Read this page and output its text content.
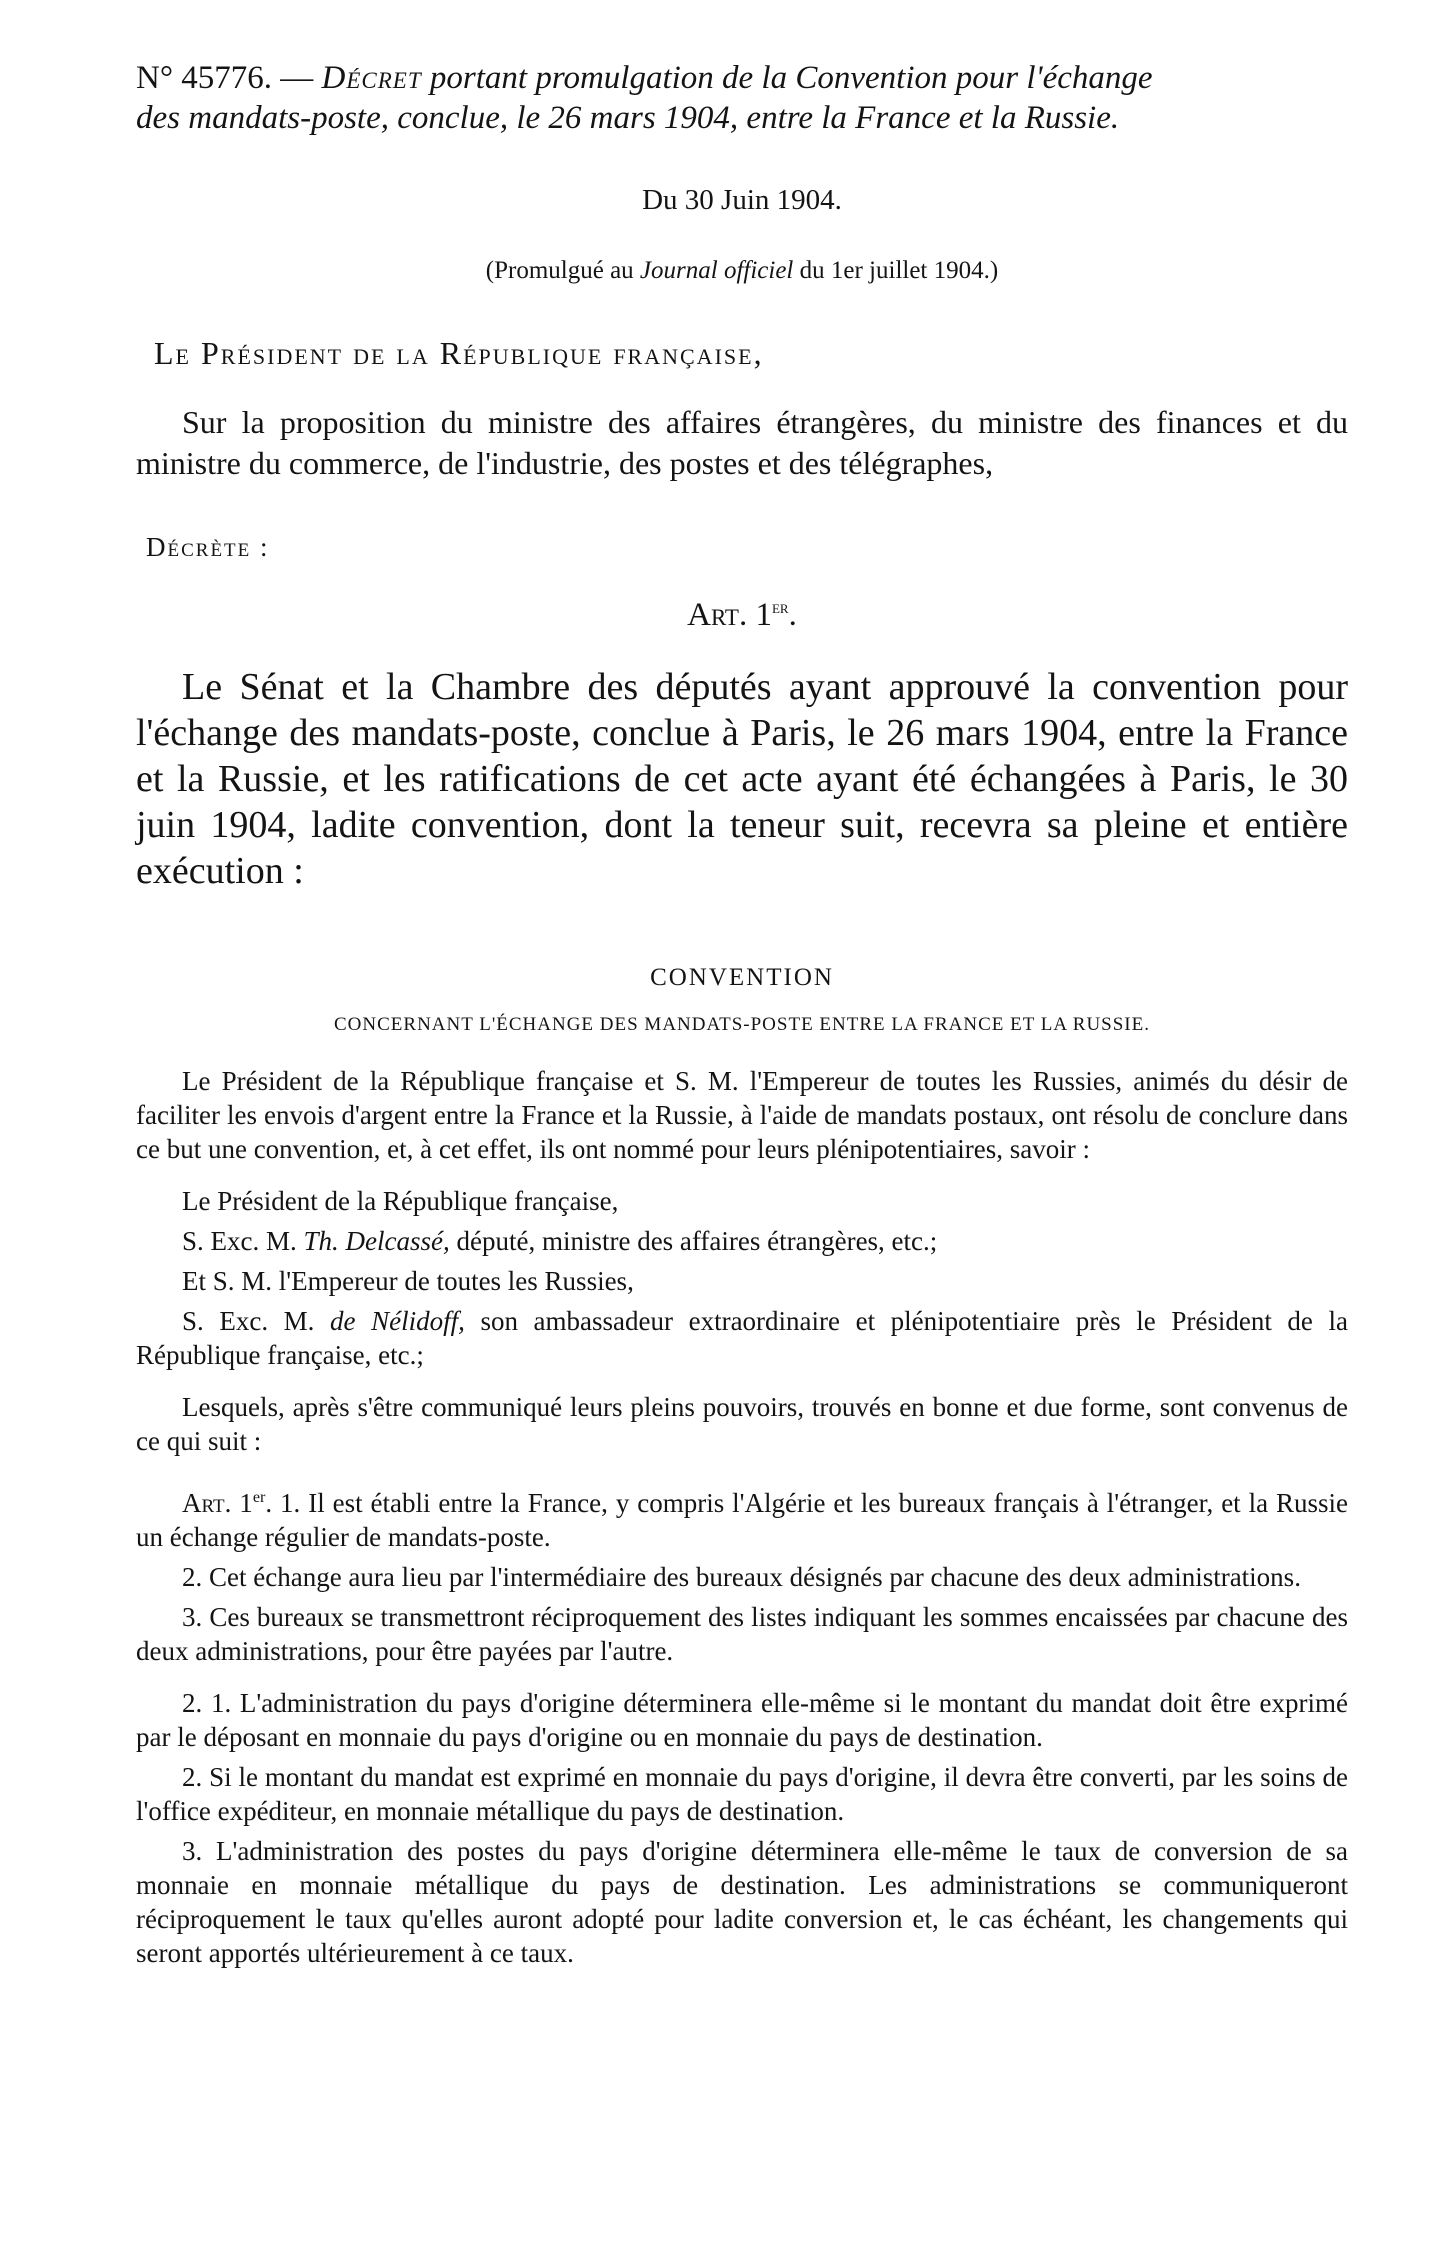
N° 45776. — Décret portant promulgation de la Convention pour l'échange

des mandats-poste, conclue, le 26 mars 1904, entre la France et la Russie.

Du 30 Juin 1904.

(Promulgué au Journal officiel du 1er juillet 1904.)

Le Président de la République française,

Sur la proposition du ministre des affaires étrangères, du ministre des finances et du ministre du commerce, de l'industrie, des postes et des télégraphes,

Décrète :

Art. 1er.

Le Sénat et la Chambre des députés ayant approuvé la convention pour l'échange des mandats-poste, conclue à Paris, le 26 mars 1904, entre la France et la Russie, et les ratifications de cet acte ayant été échangées à Paris, le 30 juin 1904, ladite convention, dont la teneur suit, recevra sa pleine et entière exécution :

CONVENTION

CONCERNANT L'ÉCHANGE DES MANDATS-POSTE ENTRE LA FRANCE ET LA RUSSIE.

Le Président de la République française et S. M. l'Empereur de toutes les Russies, animés du désir de faciliter les envois d'argent entre la France et la Russie, à l'aide de mandats postaux, ont résolu de conclure dans ce but une convention, et, à cet effet, ils ont nommé pour leurs plénipotentiaires, savoir :

Le Président de la République française,

S. Exc. M. Th. Delcassé, député, ministre des affaires étrangères, etc.;

Et S. M. l'Empereur de toutes les Russies,

S. Exc. M. de Nélidoff, son ambassadeur extraordinaire et plénipotentiaire près le Président de la République française, etc.;

Lesquels, après s'être communiqué leurs pleins pouvoirs, trouvés en bonne et due forme, sont convenus de ce qui suit :

Art. 1er. 1. Il est établi entre la France, y compris l'Algérie et les bureaux français à l'étranger, et la Russie un échange régulier de mandats-poste.

2. Cet échange aura lieu par l'intermédiaire des bureaux désignés par chacune des deux administrations.

3. Ces bureaux se transmettront réciproquement des listes indiquant les sommes encaissées par chacune des deux administrations, pour être payées par l'autre.

2. 1. L'administration du pays d'origine déterminera elle-même si le montant du mandat doit être exprimé par le déposant en monnaie du pays d'origine ou en monnaie du pays de destination.

2. Si le montant du mandat est exprimé en monnaie du pays d'origine, il devra être converti, par les soins de l'office expéditeur, en monnaie métallique du pays de destination.

3. L'administration des postes du pays d'origine déterminera elle-même le taux de conversion de sa monnaie en monnaie métallique du pays de destination. Les administrations se communiqueront réciproquement le taux qu'elles auront adopté pour ladite conversion et, le cas échéant, les changements qui seront apportés ultérieurement à ce taux.
